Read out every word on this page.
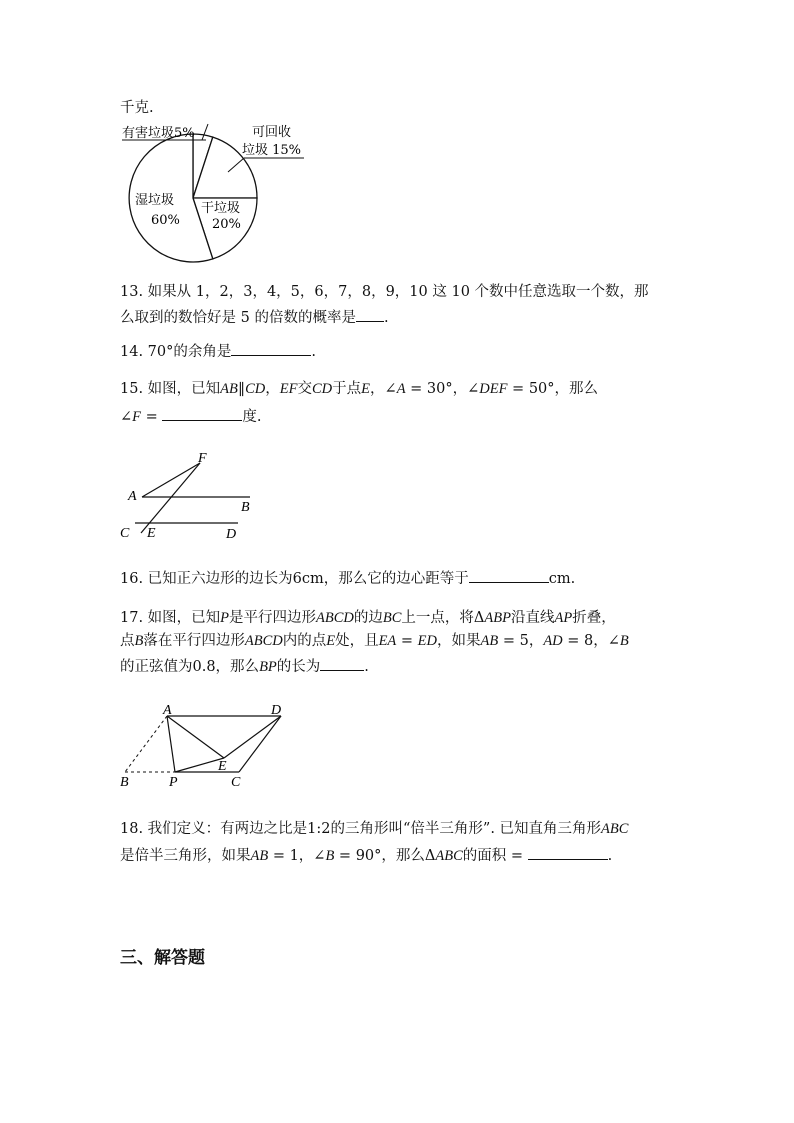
千克.
有害垃圾5%	可回收
垃圾 15%
干垃圾
20%
湿垃圾
60%
13. 如果从 1，2，3，4，5，6，7，8，9，10 这 10 个数中任意选取一个数，那
么取到的数恰好是 5 的倍数的概率是 .
14. 70°的余角是	.
15. 如图，已知AB∥CD，EF交CD于点E，∠A = 30°，∠DEF = 50°，那么
∠F =	度.
F
A
B
C E	D
16. 已知正六边形的边长为6cm，那么它的边心距等于	cm.
17. 如图，已知P是平行四边形ABCD的边BC上一点，将ΔABP沿直线AP折叠，
点B落在平行四边形ABCD内的点E处，且EA = ED，如果AB = 5，AD = 8，∠B
的正弦值为0.8，那么BP的长为	.
A	D
B	P
E
C
18. 我们定义：有两边之比是1:2的三角形叫“倍半三角形”. 已知直角三角形ABC
是倍半三角形，如果AB = 1，∠B = 90°，那么ΔABC的面积 =	.
三、解答题
